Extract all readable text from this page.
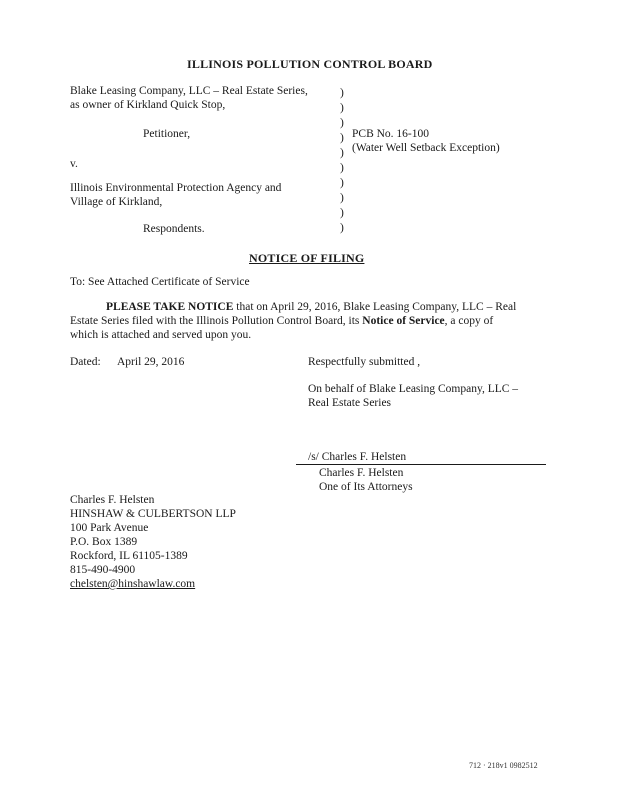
ILLINOIS POLLUTION CONTROL BOARD
Blake Leasing Company, LLC – Real Estate Series,
as owner of Kirkland Quick Stop,
Petitioner,
v.
Illinois Environmental Protection Agency and
Village of Kirkland,
Respondents.
)
)
)
)
)
)
)
)
)
)
PCB No. 16-100
(Water Well Setback Exception)
NOTICE OF FILING
To: See Attached Certificate of Service
PLEASE TAKE NOTICE that on April 29, 2016, Blake Leasing Company, LLC – Real
Estate Series filed with the Illinois Pollution Control Board, its Notice of Service, a copy of
which is attached and served upon you.
Dated: April 29, 2016	Respectfully submitted ,
On behalf of Blake Leasing Company, LLC –
Real Estate Series
/s/ Charles F. Helsten
Charles F. Helsten
One of Its Attorneys
Charles F. Helsten
HINSHAW & CULBERTSON LLP
100 Park Avenue
P.O. Box 1389
Rockford, IL 61105-1389
815-490-4900
chelsten@hinshawlaw.com
712 · 218v1 0982512
